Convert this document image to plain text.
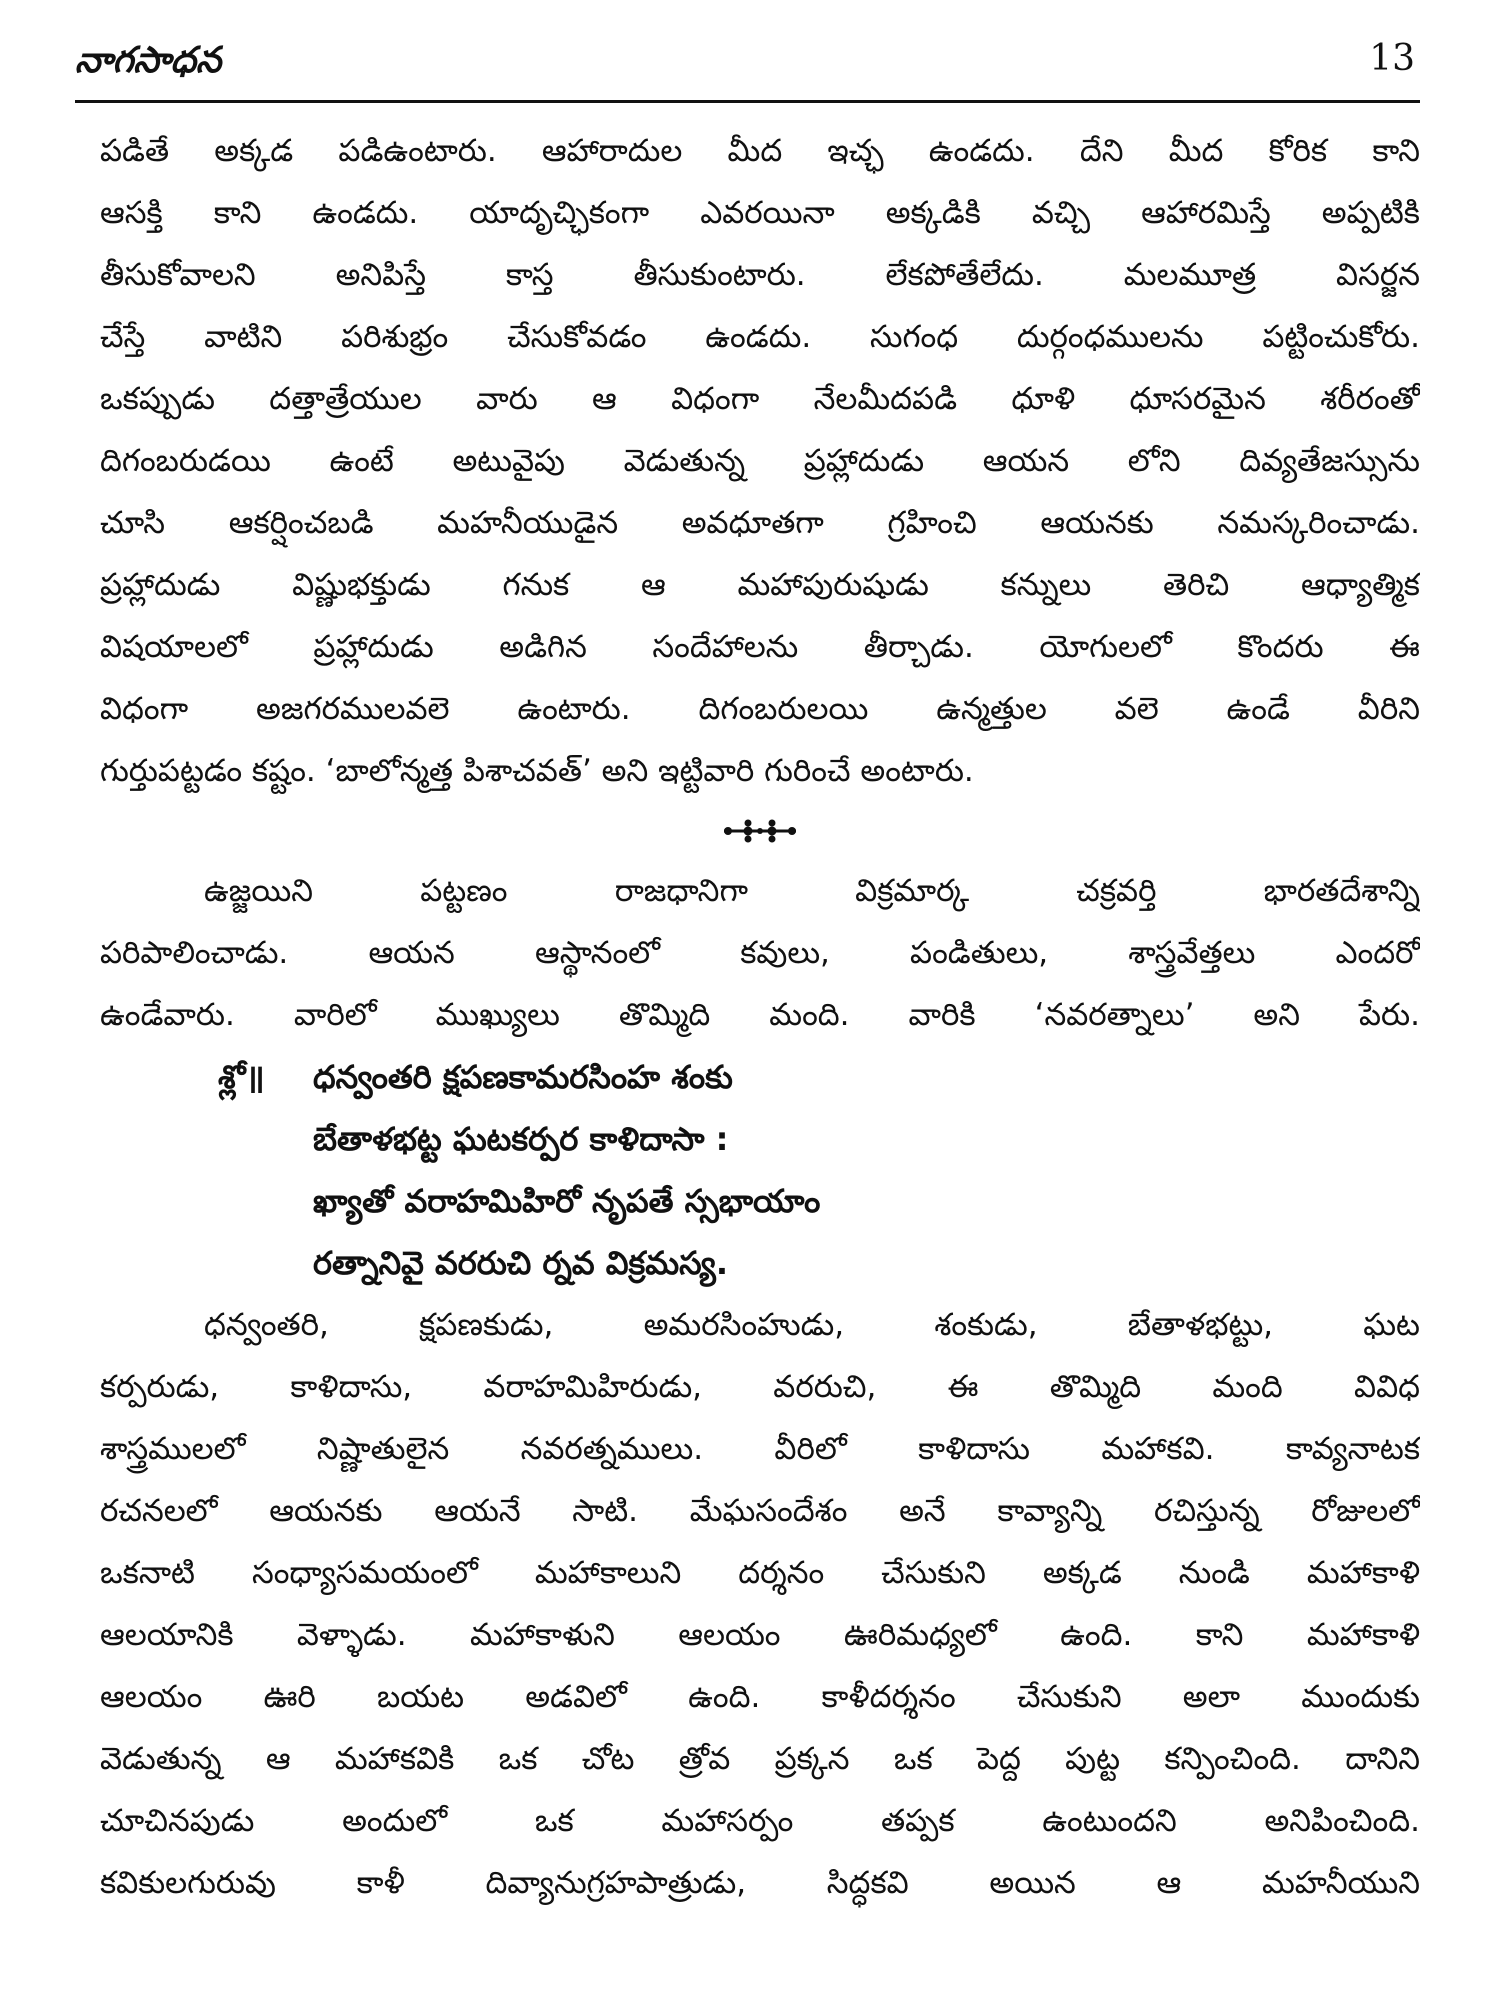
నాగసాధన	13
పడితే అక్కడ పడిఉంటారు. ఆహారాదుల మీద ఇచ్ఛ ఉండదు. దేని మీద కోరిక కాని
ఆసక్తి కాని ఉండదు. యాదృచ్ఛికంగా ఎవరయినా అక్కడికి వచ్చి ఆహారమిస్తే అప్పటికి
తీసుకోవాలని అనిపిస్తే కాస్త తీసుకుంటారు. లేకపోతేలేదు. మలమూత్ర విసర్జన
చేస్తే వాటిని పరిశుభ్రం చేసుకోవడం ఉండదు. సుగంధ దుర్గంధములను పట్టించుకోరు.
ఒకప్పుడు దత్తాత్రేయుల వారు ఆ విధంగా నేలమీదపడి ధూళి ధూసరమైన శరీరంతో
దిగంబరుడయి ఉంటే అటువైపు వెడుతున్న ప్రహ్లాదుడు ఆయన లోని దివ్యతేజస్సును
చూసి ఆకర్షించబడి మహనీయుడైన అవధూతగా గ్రహించి ఆయనకు నమస్కరించాడు.
ప్రహ్లాదుడు విష్ణుభక్తుడు గనుక ఆ మహాపురుషుడు కన్నులు తెరిచి ఆధ్యాత్మిక
విషయాలలో ప్రహ్లాదుడు అడిగిన సందేహాలను తీర్చాడు. యోగులలో కొందరు ఈ
విధంగా అజగరములవలె ఉంటారు. దిగంబరులయి ఉన్మత్తుల వలె ఉండే వీరిని
గుర్తుపట్టడం కష్టం. ‘బాలోన్మత్త పిశాచవత్’ అని ఇట్టివారి గురించే అంటారు.
ఉజ్జయిని పట్టణం రాజధానిగా విక్రమార్క చక్రవర్తి భారతదేశాన్ని
పరిపాలించాడు. ఆయన ఆస్థానంలో కవులు, పండితులు, శాస్త్రవేత్తలు ఎందరో
ఉండేవారు. వారిలో ముఖ్యులు తొమ్మిది మంది. వారికి ‘నవరత్నాలు’ అని పేరు.
శ్లో॥ ధన్వంతరి క్షపణకామరసింహ శంకు
బేతాళభట్ట ఘటకర్పర కాళిదాసా :
ఖ్యాతో వరాహమిహిరో నృపతే స్సభాయాం
రత్నానివై వరరుచి ర్నవ విక్రమస్య.
ధన్వంతరి, క్షపణకుడు, అమరసింహుడు, శంకుడు, బేతాళభట్టు, ఘట
కర్పరుడు, కాళిదాసు, వరాహమిహిరుడు, వరరుచి, ఈ తొమ్మిది మంది వివిధ
శాస్త్రములలో నిష్ణాతులైన నవరత్నములు. వీరిలో కాళిదాసు మహాకవి. కావ్యనాటక
రచనలలో ఆయనకు ఆయనే సాటి. మేఘసందేశం అనే కావ్యాన్ని రచిస్తున్న రోజులలో
ఒకనాటి సంధ్యాసమయంలో మహాకాలుని దర్శనం చేసుకుని అక్కడ నుండి మహాకాళి
ఆలయానికి వెళ్ళాడు. మహాకాళుని ఆలయం ఊరిమధ్యలో ఉంది. కాని మహాకాళి
ఆలయం ఊరి బయట అడవిలో ఉంది. కాళీదర్శనం చేసుకుని అలా ముందుకు
వెడుతున్న ఆ మహాకవికి ఒక చోట త్రోవ ప్రక్కన ఒక పెద్ద పుట్ట కన్పించింది. దానిని
చూచినపుడు అందులో ఒక మహాసర్పం తప్పక ఉంటుందని అనిపించింది.
కవికులగురువు కాళీ దివ్యానుగ్రహపాత్రుడు, సిద్ధకవి అయిన ఆ మహనీయుని
